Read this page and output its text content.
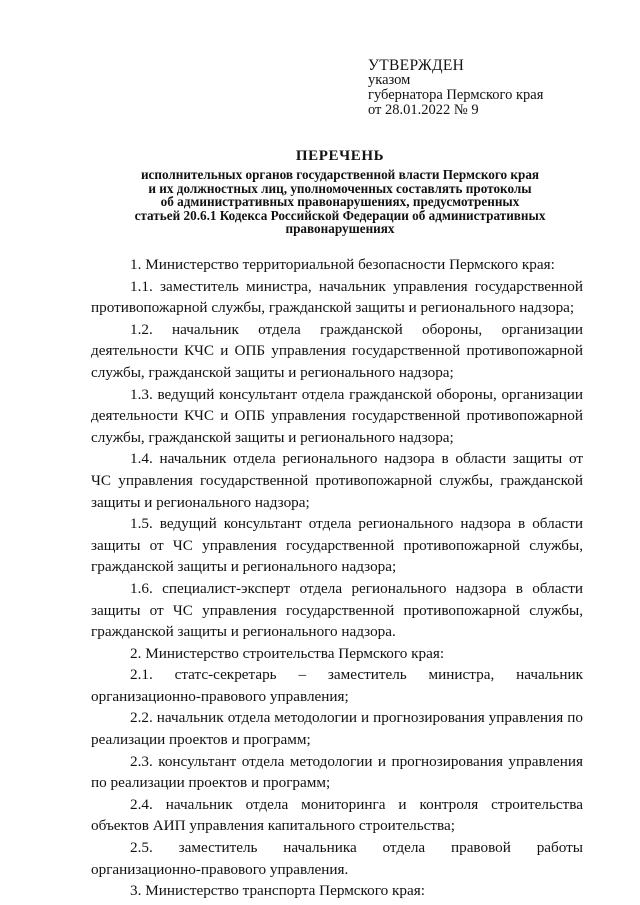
УТВЕРЖДЕН
указом
губернатора Пермского края
от 28.01.2022 № 9
ПЕРЕЧЕНЬ
исполнительных органов государственной власти Пермского края
и их должностных лиц, уполномоченных составлять протоколы
об административных правонарушениях, предусмотренных
статьей 20.6.1 Кодекса Российской Федерации об административных
правонарушениях

1. Министерство территориальной безопасности Пермского края:

1.1. заместитель министра, начальник управления государственной противопожарной службы, гражданской защиты и регионального надзора;

1.2. начальник отдела гражданской обороны, организации деятельности КЧС и ОПБ управления государственной противопожарной службы, гражданской защиты и регионального надзора;

1.3. ведущий консультант отдела гражданской обороны, организации деятельности КЧС и ОПБ управления государственной противопожарной службы, гражданской защиты и регионального надзора;

1.4. начальник отдела регионального надзора в области защиты от ЧС управления государственной противопожарной службы, гражданской защиты и регионального надзора;

1.5. ведущий консультант отдела регионального надзора в области защиты от ЧС управления государственной противопожарной службы, гражданской защиты и регионального надзора;

1.6. специалист-эксперт отдела регионального надзора в области защиты от ЧС управления государственной противопожарной службы, гражданской защиты и регионального надзора.

2. Министерство строительства Пермского края:

2.1. статс-секретарь – заместитель министра, начальник организационно-правового управления;

2.2. начальник отдела методологии и прогнозирования управления по реализации проектов и программ;

2.3. консультант отдела методологии и прогнозирования управления по реализации проектов и программ;

2.4. начальник отдела мониторинга и контроля строительства объектов АИП управления капитального строительства;

2.5. заместитель начальника отдела правовой работы организационно-правового управления.

3. Министерство транспорта Пермского края:
